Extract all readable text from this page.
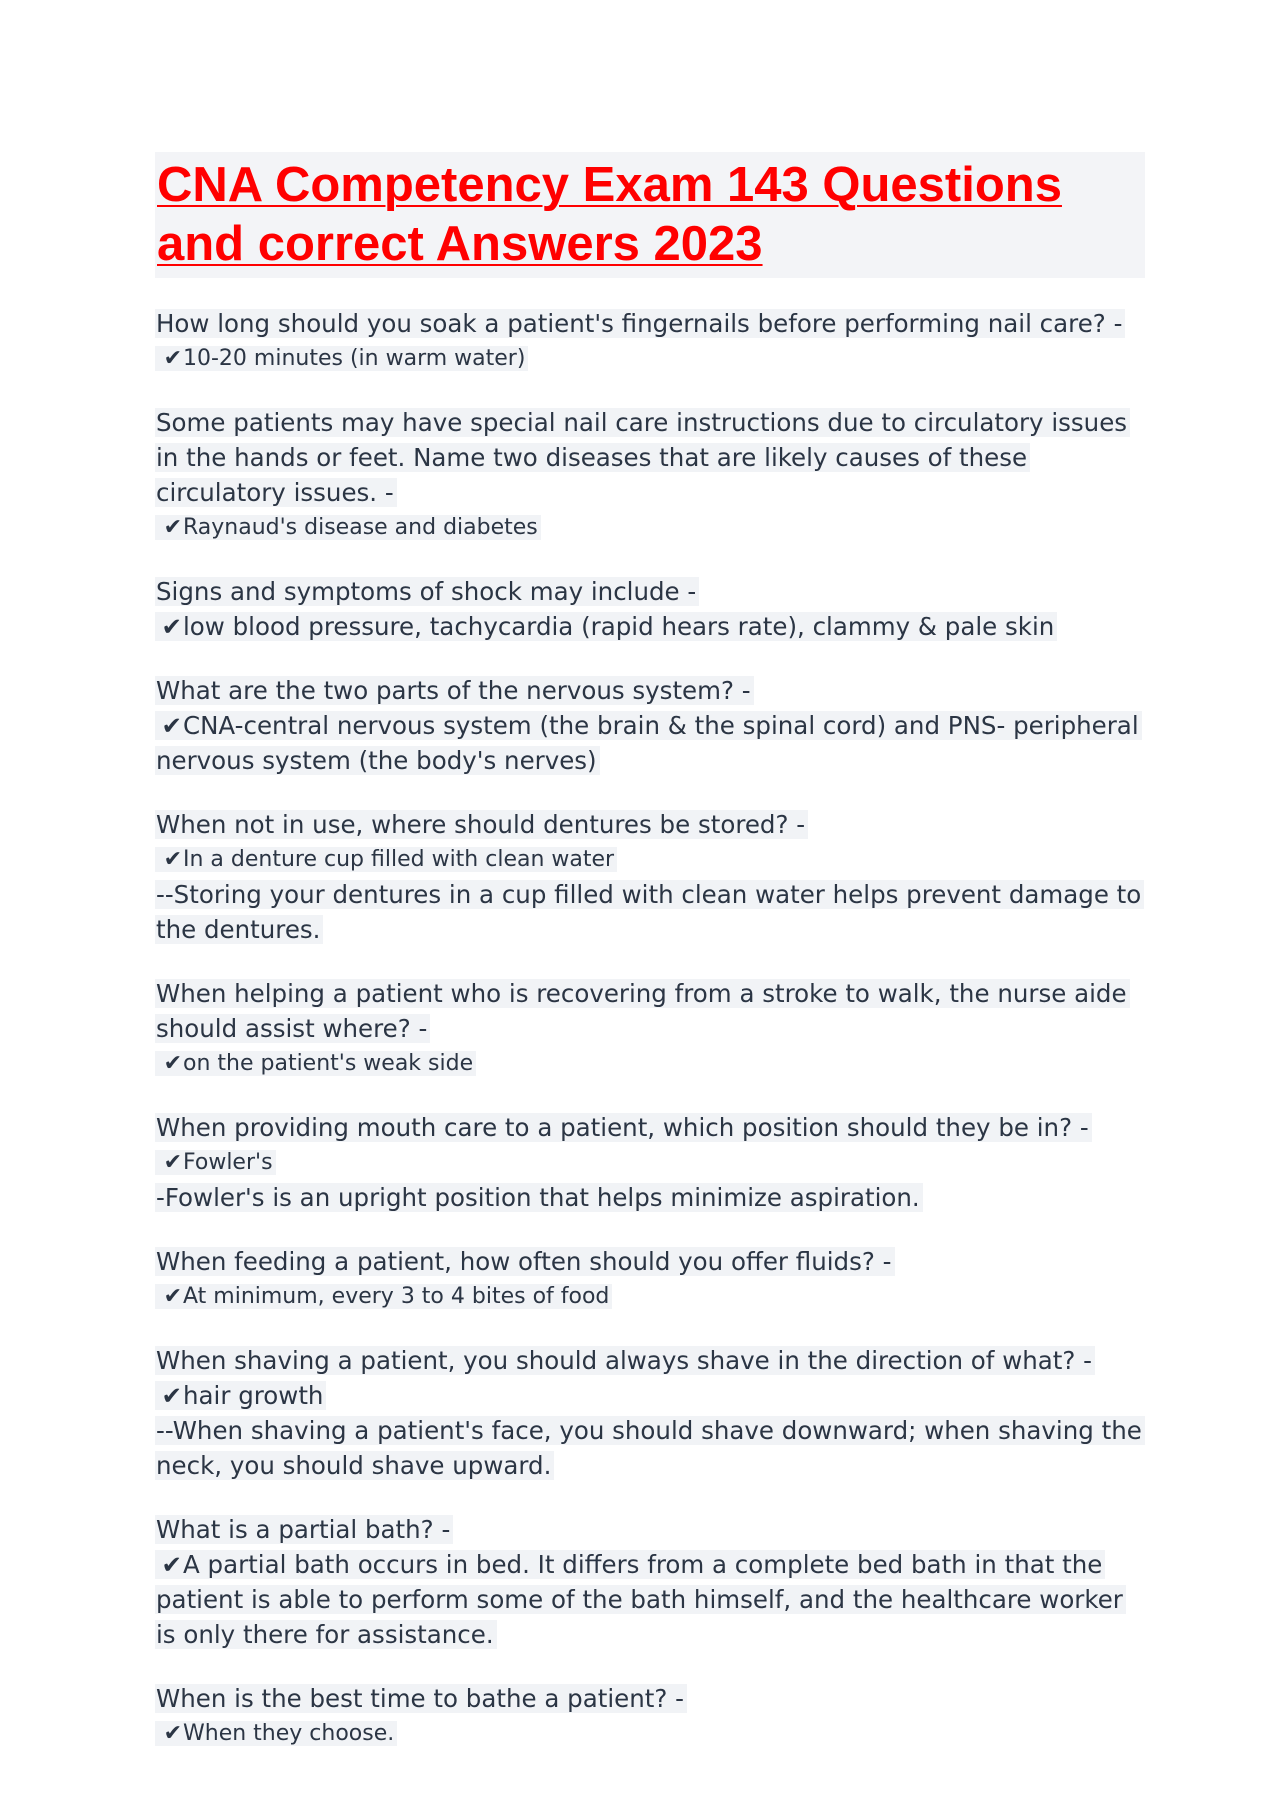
CNA Competency Exam 143 Questions and correct Answers 2023
How long should you soak a patient's fingernails before performing nail care? -
✔10-20 minutes (in warm water)
Some patients may have special nail care instructions due to circulatory issues in the hands or feet. Name two diseases that are likely causes of these circulatory issues. -
✔Raynaud's disease and diabetes
Signs and symptoms of shock may include -
✔low blood pressure, tachycardia (rapid hears rate), clammy & pale skin
What are the two parts of the nervous system? -
✔CNA-central nervous system (the brain & the spinal cord) and PNS- peripheral nervous system (the body's nerves)
When not in use, where should dentures be stored? -
✔In a denture cup filled with clean water
--Storing your dentures in a cup filled with clean water helps prevent damage to the dentures.
When helping a patient who is recovering from a stroke to walk, the nurse aide should assist where? -
✔on the patient's weak side
When providing mouth care to a patient, which position should they be in? -
✔Fowler's
-Fowler's is an upright position that helps minimize aspiration.
When feeding a patient, how often should you offer fluids? -
✔At minimum, every 3 to 4 bites of food
When shaving a patient, you should always shave in the direction of what? -
✔hair growth
--When shaving a patient's face, you should shave downward; when shaving the neck, you should shave upward.
What is a partial bath? -
✔A partial bath occurs in bed. It differs from a complete bed bath in that the patient is able to perform some of the bath himself, and the healthcare worker is only there for assistance.
When is the best time to bathe a patient? -
✔When they choose.
